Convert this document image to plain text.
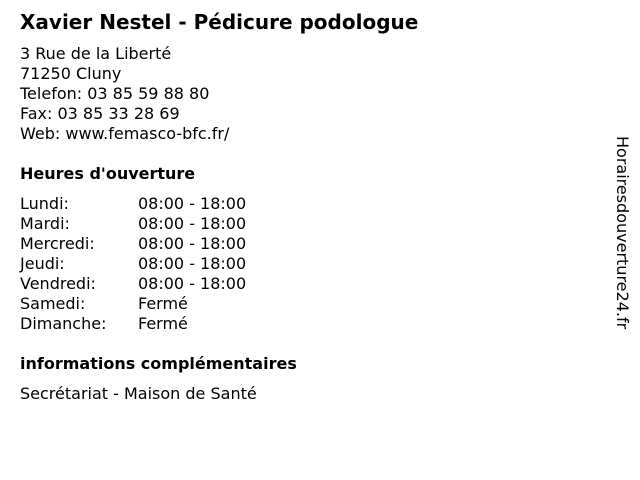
Xavier Nestel - Pédicure podologue
3 Rue de la Liberté
71250 Cluny
Telefon: 03 85 59 88 80
Fax: 03 85 33 28 69
Web: www.femasco-bfc.fr/
Heures d'ouverture
Lundi:	08:00 - 18:00
Mardi:	08:00 - 18:00
Mercredi:	08:00 - 18:00
Jeudi:	08:00 - 18:00
Vendredi:	08:00 - 18:00
Samedi:	Fermé
Dimanche:	Fermé
informations complémentaires
Secrétariat - Maison de Santé
Horairesdouverture24.fr
